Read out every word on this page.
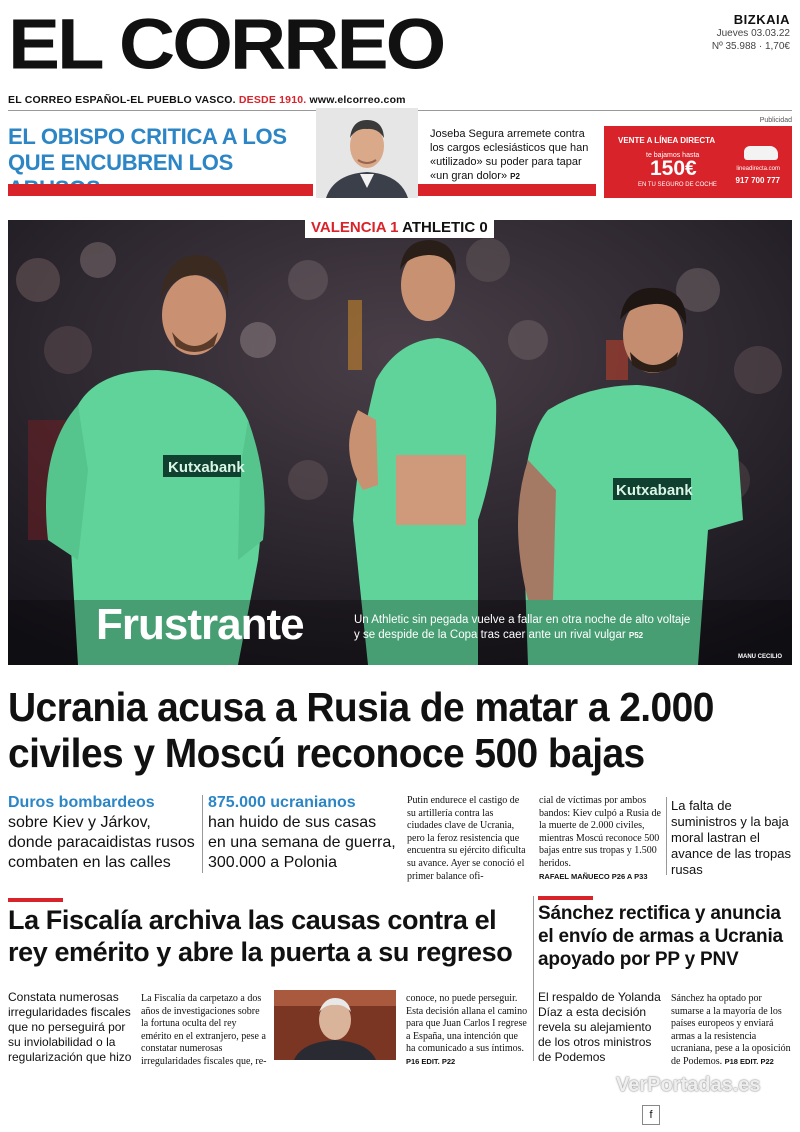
EL CORREO	BIZKAIA
Jueves 03.03.22
Nº 35.988 · 1,70€
EL CORREO ESPAÑOL-EL PUEBLO VASCO. DESDE 1910. www.elcorreo.com
Publicidad
EL OBISPO CRITICA A LOS QUE ENCUBREN LOS
Joseba Segura arremete contra los cargos eclesiásticos que han «utilizado» su poder para tapar «un gran dolor» P2
VENTE A LÍNEA DIRECTA
te bajamos hasta
150€
EN TU SEGURO DE COCHE
lineadirecta.com
917 700 777
Kutxabank
Kutxabank
VALENCIA 1 ATHLETIC 0
Frustrante	Un Athletic sin pegada vuelve a fallar en otra noche de alto voltaje y se despide de la Copa tras caer ante un rival vulgar P52
MANU CECILIO
Ucrania acusa a Rusia de matar a 2.000 civiles y Moscú reconoce 500 bajas
Duros bombardeos
sobre Kiev y Járkov, donde paracaidistas rusos combaten en las calles
875.000 ucranianos
han huido de sus casas en una semana de guerra, 300.000 a Polonia
Putin endurece el castigo de su artillería contra las ciudades clave de Ucrania, pero la feroz resistencia que encuentra su ejército dificulta su avance. Ayer se conoció el primer balance ofi-
cial de víctimas por ambos bandos: Kiev culpó a Rusia de la muerte de 2.000 civiles, mientras Moscú reconoce 500 bajas entre sus tropas y 1.500 heridos.
RAFAEL MAÑUECO P26 A P33
La falta de suministros y la baja moral lastran el avance de las tropas rusas
La Fiscalía archiva las causas contra el rey emérito y abre la puerta a su regreso
Sánchez rectifica y anuncia el envío de armas a Ucrania apoyado por PP y PNV
Constata numerosas irregularidades fiscales que no perseguirá por su inviolabilidad o la regularización que hizo
La Fiscalía da carpetazo a dos años de investigaciones sobre la fortuna oculta del rey emérito en el extranjero, pese a constatar numerosas irregularidades fiscales que, re-
conoce, no puede perseguir. Esta decisión allana el camino para que Juan Carlos I regrese a España, una intención que ha comunicado a sus íntimos. P16 EDIT. P22
El respaldo de Yolanda Díaz a esta decisión revela su alejamiento de los otros ministros de Podemos
Sánchez ha optado por sumarse a la mayoría de los países europeos y enviará armas a la resistencia ucraniana, pese a la oposición de Podemos. P18 EDIT. P22
VerPortadas.es
f
